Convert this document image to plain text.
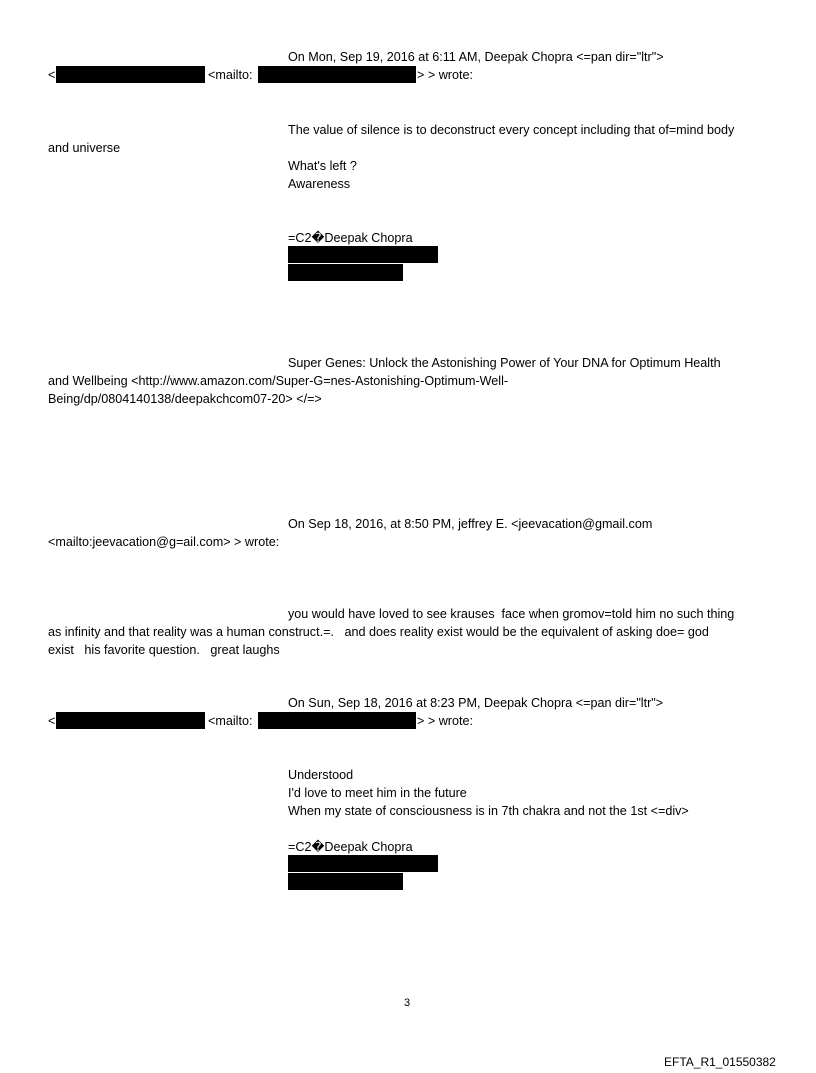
On Mon, Sep 19, 2016 at 6:11 AM, Deepak Chopra <=pan dir="ltr">
<	<mailto:	> > wrote:
The value of silence is to deconstruct every concept including that of=mind body
and universe
What's left ?
Awareness
=C2�Deepak Chopra
Super Genes: Unlock the Astonishing Power of Your DNA for Optimum Health
and Wellbeing <http://www.amazon.com/Super-G=nes-Astonishing-Optimum-Well-
Being/dp/0804140138/deepakchcom07-20> </=>
On Sep 18, 2016, at 8:50 PM, jeffrey E. <jeevacation@gmail.com
<mailto:jeevacation@g=ail.com> > wrote:
you would have loved to see krauses  face when gromov=told him no such thing
as infinity and that reality was a human construct.=.   and does reality exist would be the equivalent of asking doe= god
exist   his favorite question.   great laughs
On Sun, Sep 18, 2016 at 8:23 PM, Deepak Chopra <=pan dir="ltr">
<	<mailto:	> > wrote:
Understood
I'd love to meet him in the future
When my state of consciousness is in 7th chakra and not the 1st <=div>
=C2�Deepak Chopra
3
EFTA_R1_01550382
